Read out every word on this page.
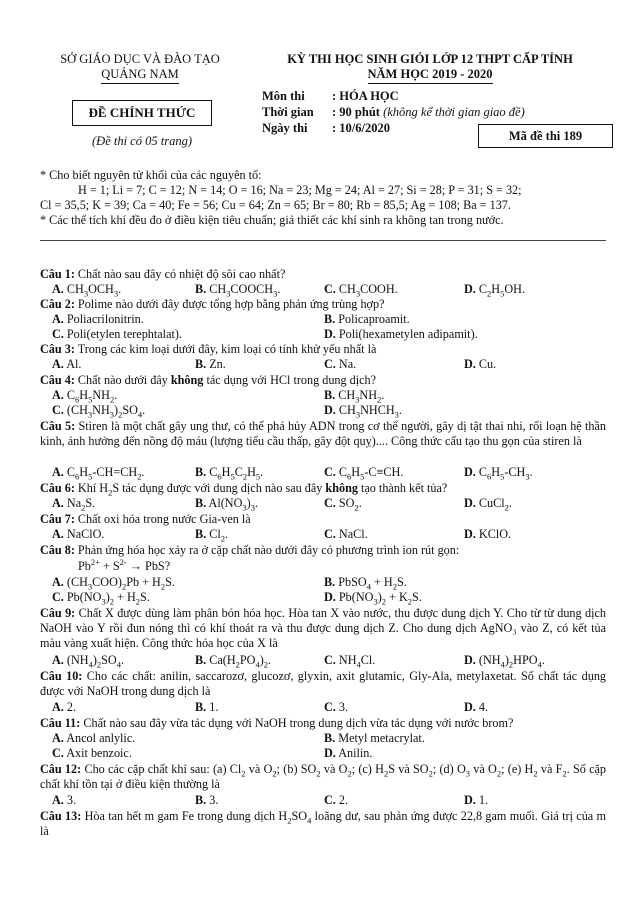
SỞ GIÁO DỤC VÀ ĐÀO TẠO
QUẢNG NAM
ĐỀ CHÍNH THỨC
(Đề thi có 05 trang)
KỲ THI HỌC SINH GIỎI LỚP 12 THPT CẤP TỈNH
NĂM HỌC 2019 - 2020
Môn thi : HÓA HỌC
Thời gian : 90 phút (không kể thời gian giao đề)
Ngày thi : 10/6/2020
Mã đề thi 189
* Cho biết nguyên tử khối của các nguyên tố:
H = 1; Li = 7; C = 12; N = 14; O = 16; Na = 23; Mg = 24; Al = 27; Si = 28; P = 31; S = 32;
Cl = 35,5; K = 39; Ca = 40; Fe = 56; Cu = 64; Zn = 65; Br = 80; Rb = 85,5; Ag = 108; Ba = 137.
* Các thể tích khí đều đo ở điều kiện tiêu chuẩn; giả thiết các khí sinh ra không tan trong nước.
Câu 1: Chất nào sau đây có nhiệt độ sôi cao nhất?
A. $CH_3OCH_3$.	B. $CH_3COOCH_3$.	C. $CH_3COOH$.	D. $C_2H_5OH$.
Câu 2: Polime nào dưới đây được tổng hợp bằng phản ứng trùng hợp?
A. Poliacrilonitrin.	B. Policaproamit.
C. Poli(etylen terephtalat).	D. Poli(hexametylen ađipamit).
Câu 3: Trong các kim loại dưới đây, kim loại có tính khử yếu nhất là
A. Al.	B. Zn.	C. Na.	D. Cu.
Câu 4: Chất nào dưới đây không tác dụng với HCl trong dung dịch?
A. $C_6H_5NH_2$.	B. $CH_3NH_2$.
C. $(CH_3NH_3)_2SO_4$.	D. $CH_3NHCH_3$.
Câu 5: Stiren là một chất gây ung thư, có thể phá hủy ADN trong cơ thể người, gây dị tật thai nhi, rối loạn hệ thần kinh, ảnh hưởng đến nồng độ máu (lượng tiểu cầu thấp, gây đột quỵ).... Công thức cấu tạo thu gọn của stiren là
A. $C_6H_5-CH=CH_2$.	B. $C_6H_5C_2H_5$.	C. $C_6H_5-C\equiv CH$.	D. $C_6H_5-CH_3$.
Câu 6: Khí $H_2S$ tác dụng được với dung dịch nào sau đây không tạo thành kết tủa?
A. $Na_2S$.	B. $Al(NO_3)_3$.	C. $SO_2$.	D. CuCl$_2$.
Câu 7: Chất oxi hóa trong nước Gia-ven là
A. NaClO.	B. $Cl_2$.	C. NaCl.	D. KClO.
Câu 8: Phản ứng hóa học xảy ra ở cặp chất nào dưới đây có phương trình ion rút gọn:
$Pb^{2+} + S^{2-}$ → PbS?
A. $(CH_3COO)_2Pb + H_2S$.	B. PbSO$_4$ + $H_2S$.
C. $Pb(NO_3)_2 + H_2S$.	D. $Pb(NO_3)_2 + K_2S$.
Câu 9: Chất X được dùng làm phân bón hóa học. Hòa tan X vào nước, thu được dung dịch Y. Cho từ từ dung dịch NaOH vào Y rồi đun nóng thì có khí thoát ra và thu được dung dịch Z. Cho dung dịch AgNO₃ vào Z, có kết tủa màu vàng xuất hiện. Công thức hóa học của X là
A. $(NH_4)_2SO_4$.	B. $Ca(H_2PO_4)_2$.	C. $NH_4Cl$.	D. $(NH_4)_2HPO_4$.
Câu 10: Cho các chất: anilin, saccarozơ, glucozơ, glyxin, axit glutamic, Gly-Ala, metylaxetat. Số chất tác dụng được với NaOH trong dung dịch là
A. 2.	B. 1.	C. 3.	D. 4.
Câu 11: Chất nào sau đây vừa tác dụng với NaOH trong dung dịch vừa tác dụng với nước brom?
A. Ancol anlylic.	B. Metyl metacrylat.
C. Axit benzoic.	D. Anilin.
Câu 12: Cho các cặp chất khí sau: (a) $Cl_2$ và $O_2$; (b) $SO_2$ và $O_2$; (c) $H_2S$ và $SO_2$; (d) $O_3$ và $O_2$; (e) $H_2$ và $F_2$. Số cặp chất khí tồn tại ở điều kiện thường là
A. 3.	B. 3.	C. 2.	D. 1.
Câu 13: Hòa tan hết m gam Fe trong dung dịch $H_2SO_4$ loãng dư, sau phản ứng được 22,8 gam muối. Giá trị của m là
